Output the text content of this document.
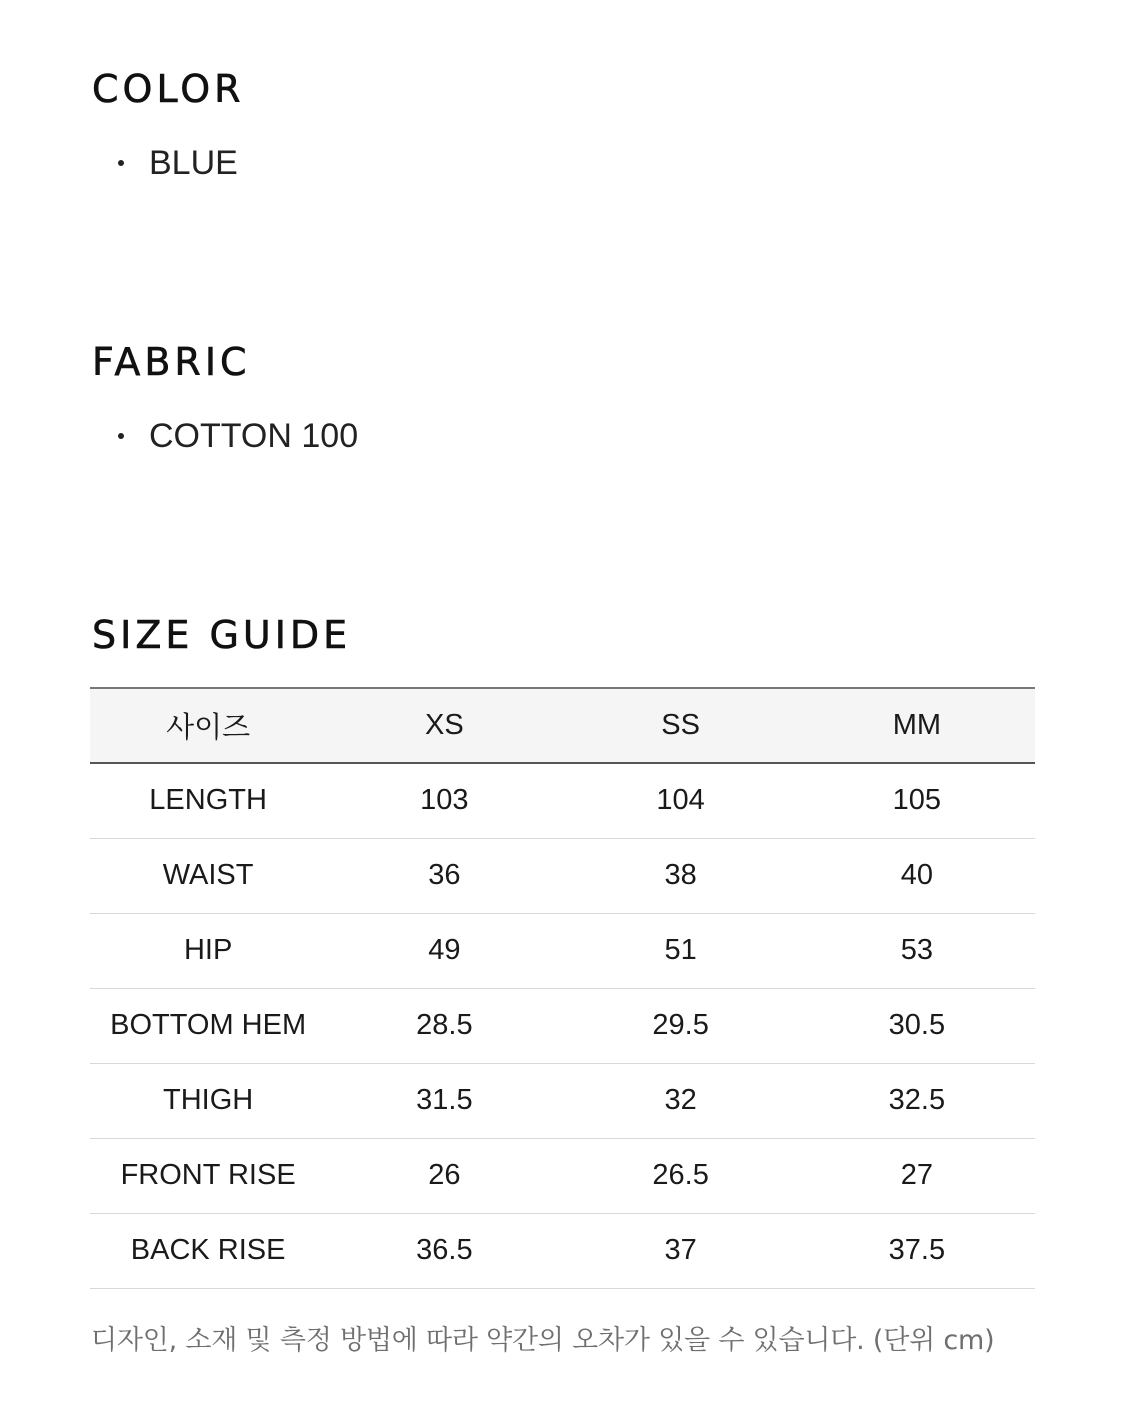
COLOR
BLUE
FABRIC
COTTON 100
SIZE GUIDE
사이즈	XS	SS	MM
LENGTH	103	104	105
WAIST	36	38	40
HIP	49	51	53
BOTTOM HEM	28.5	29.5	30.5
THIGH	31.5	32	32.5
FRONT RISE	26	26.5	27
BACK RISE	36.5	37	37.5

디자인, 소재 및 측정 방법에 따라 약간의 오차가 있을 수 있습니다. (단위 cm)
